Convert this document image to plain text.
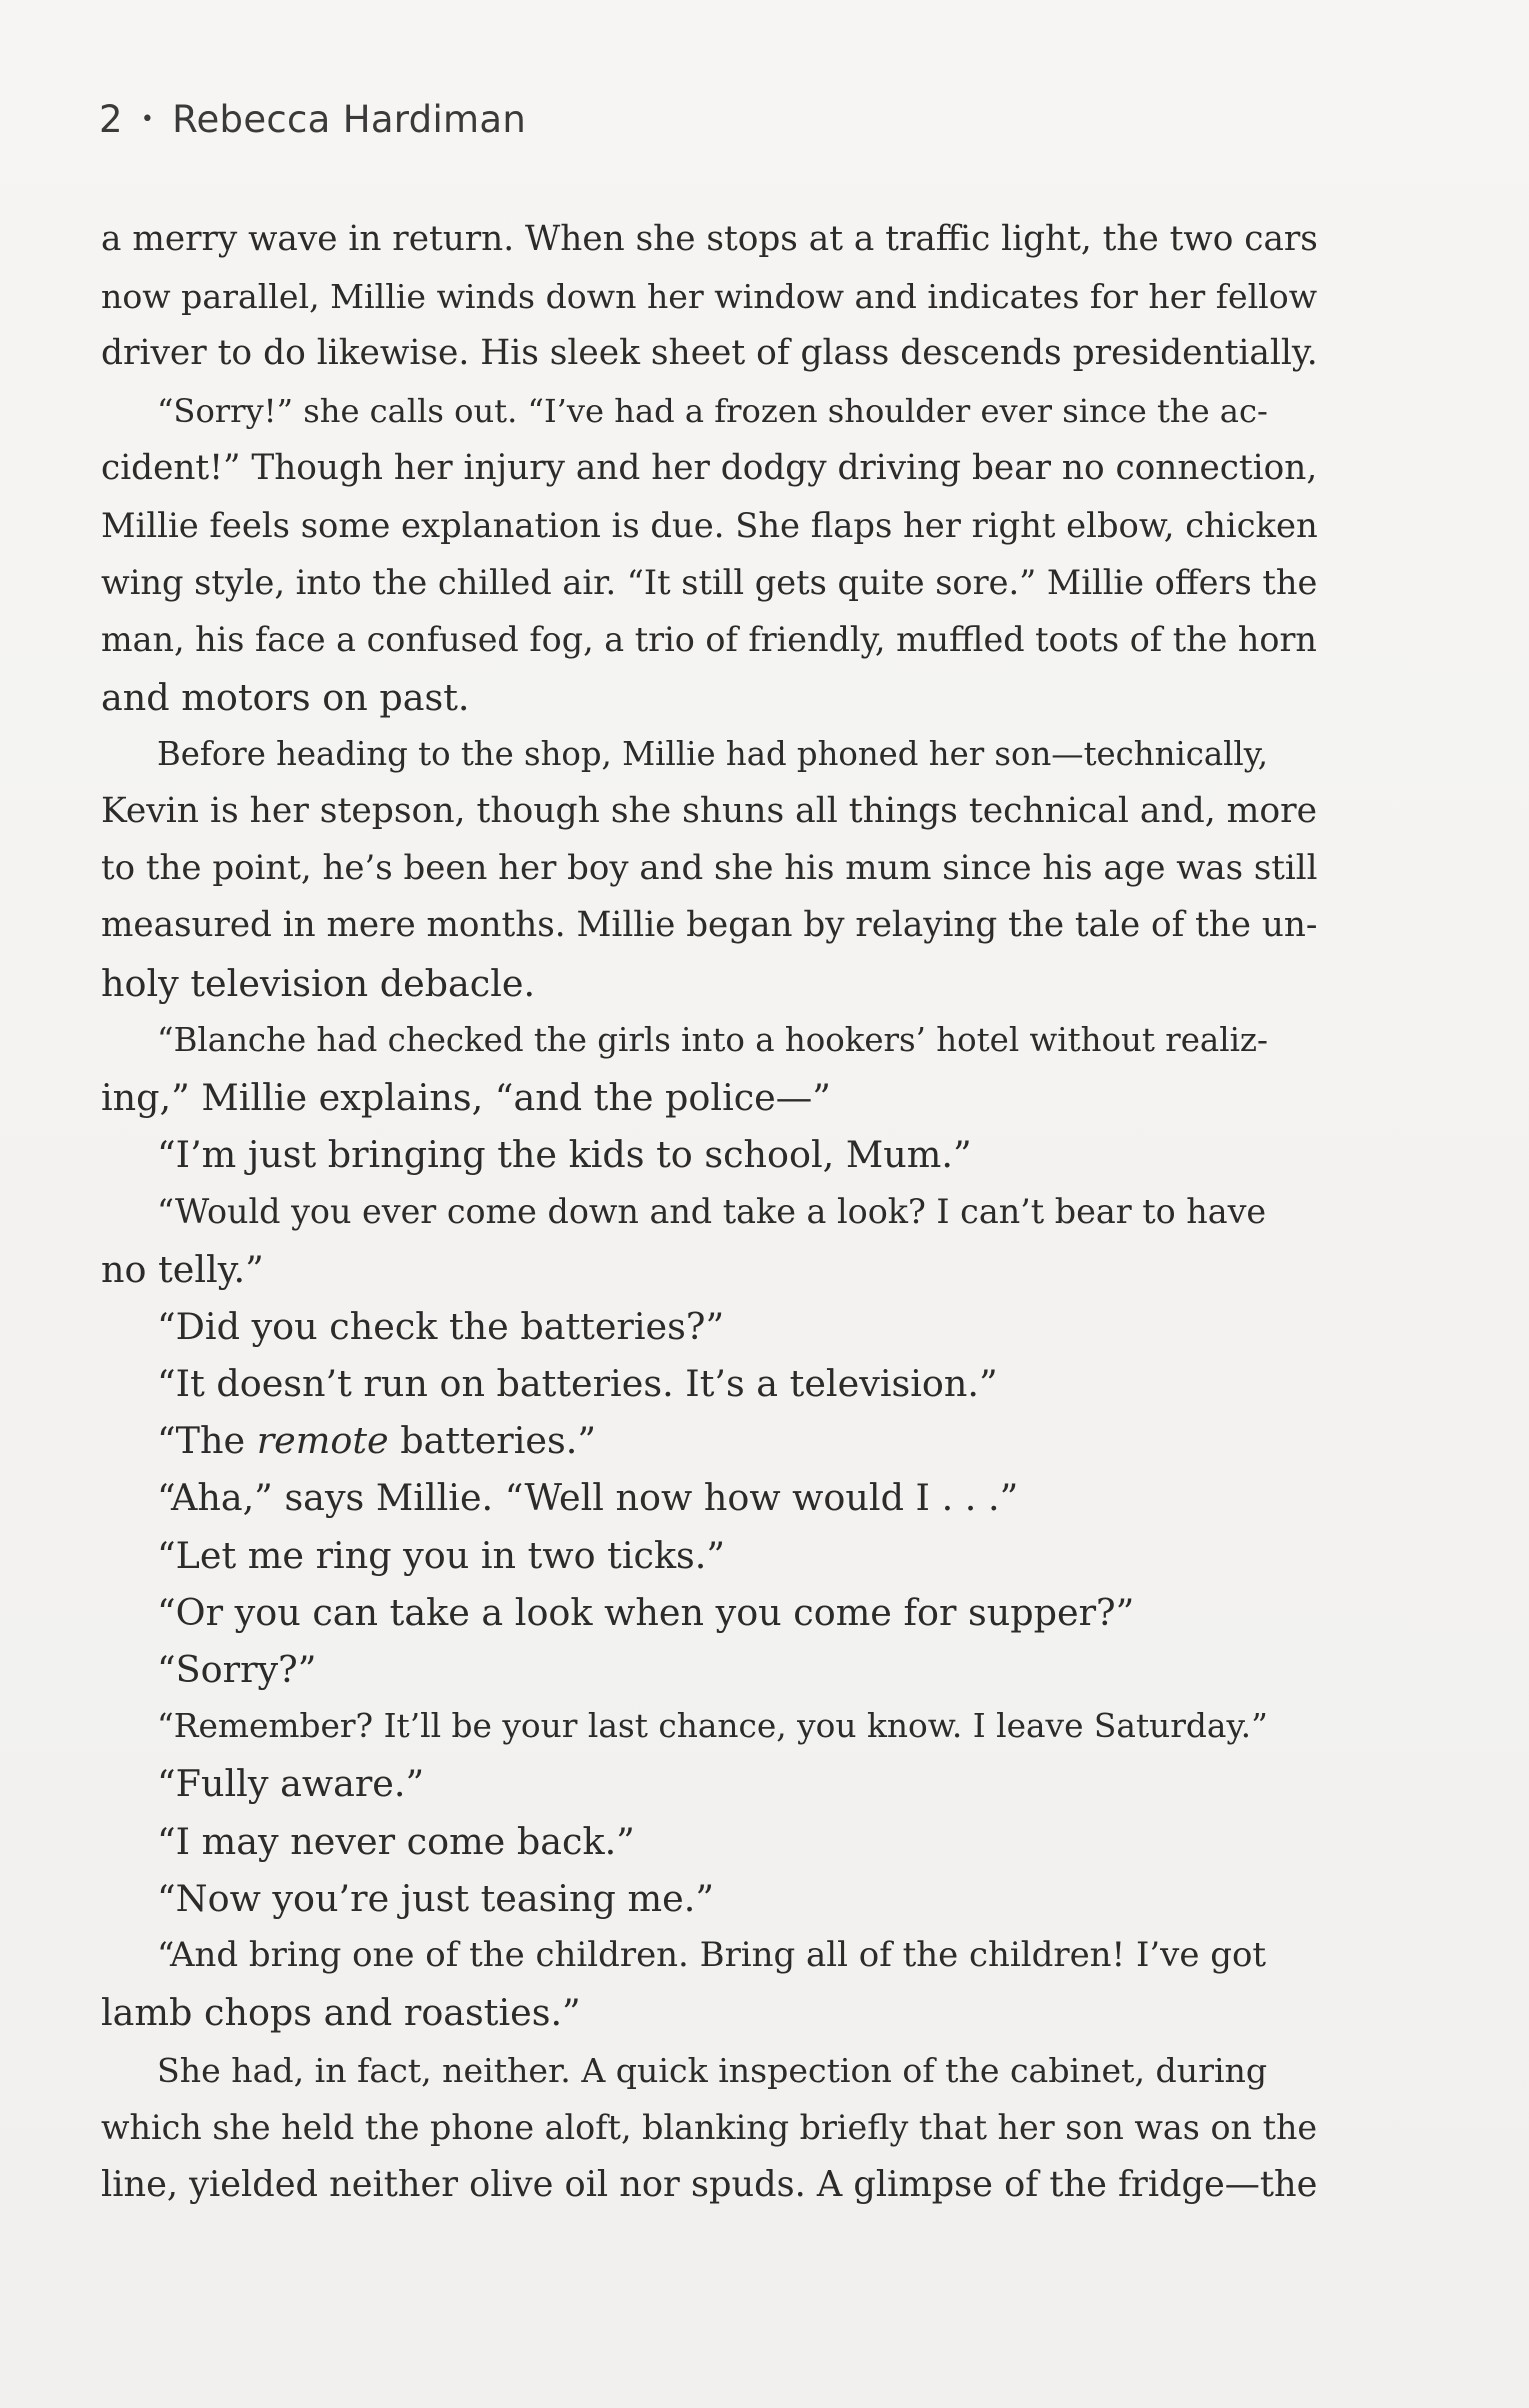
2 • Rebecca Hardiman

a merry wave in return. When she stops at a traffic light, the two cars

now parallel, Millie winds down her window and indicates for her fellow

driver to do likewise. His sleek sheet of glass descends presidentially.

“Sorry!” she calls out. “I’ve had a frozen shoulder ever since the ac-

cident!” Though her injury and her dodgy driving bear no connection,

Millie feels some explanation is due. She flaps her right elbow, chicken

wing style, into the chilled air. “It still gets quite sore.” Millie offers the

man, his face a confused fog, a trio of friendly, muffled toots of the horn

and motors on past.

Before heading to the shop, Millie had phoned her son—technically,

Kevin is her stepson, though she shuns all things technical and, more

to the point, he’s been her boy and she his mum since his age was still

measured in mere months. Millie began by relaying the tale of the un-

holy television debacle.

“Blanche had checked the girls into a hookers’ hotel without realiz-

ing,” Millie explains, “and the police—”

“I’m just bringing the kids to school, Mum.”

“Would you ever come down and take a look? I can’t bear to have

no telly.”

“Did you check the batteries?”

“It doesn’t run on batteries. It’s a television.”

“The remote batteries.”

“Aha,” says Millie. “Well now how would I . . .”

“Let me ring you in two ticks.”

“Or you can take a look when you come for supper?”

“Sorry?”

“Remember? It’ll be your last chance, you know. I leave Saturday.”

“Fully aware.”

“I may never come back.”

“Now you’re just teasing me.”

“And bring one of the children. Bring all of the children! I’ve got

lamb chops and roasties.”

She had, in fact, neither. A quick inspection of the cabinet, during

which she held the phone aloft, blanking briefly that her son was on the

line, yielded neither olive oil nor spuds. A glimpse of the fridge—the
